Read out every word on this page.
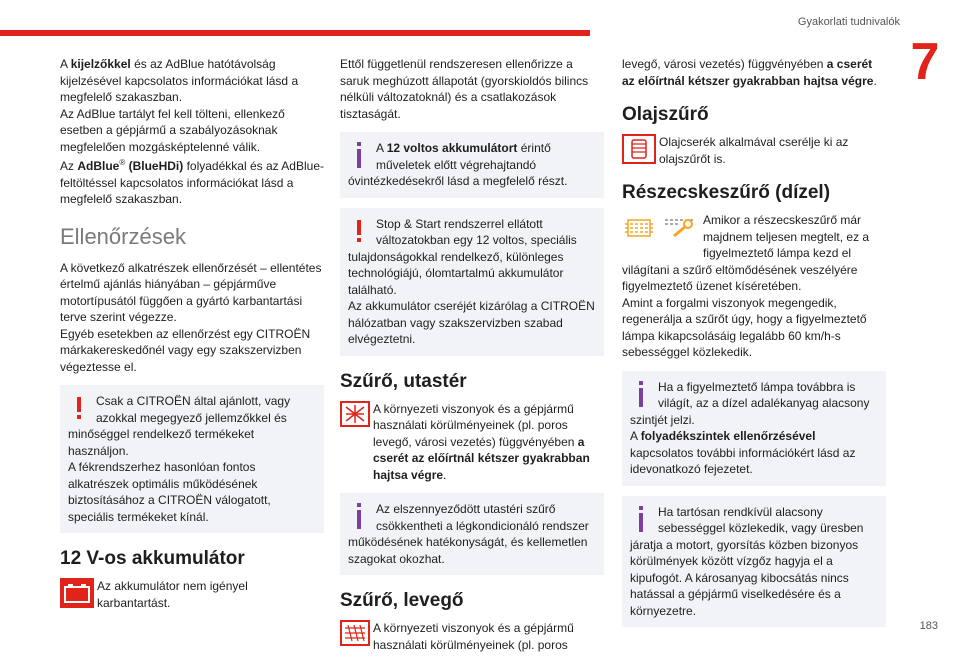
Gyakorlati tudnivalók
7
183

A kijelzőkkel és az AdBlue hatótávolság kijelzésével kapcsolatos információkat lásd a megfelelő szakaszban.

Az AdBlue tartályt fel kell tölteni, ellenkező esetben a gépjármű a szabályozásoknak megfelelően mozgásképtelenné válik.

Az AdBlue® (BlueHDi) folyadékkal és az AdBlue-feltöltéssel kapcsolatos információkat lásd a megfelelő szakaszban.

Ellenőrzések

A következő alkatrészek ellenőrzését – ellentétes értelmű ajánlás hiányában – gépjárműve motortípusától függően a gyártó karbantartási terve szerint végezze.
Egyéb esetekben az ellenőrzést egy CITROËN márkakereskedőnél vagy egy szakszervizben végeztesse el.

Csak a CITROËN által ajánlott, vagy azokkal megegyező jellemzőkkel és minőséggel rendelkező termékeket használjon.
A fékrendszerhez hasonlóan fontos alkatrészek optimális működésének biztosításához a CITROËN válogatott, speciális termékeket kínál.

12 V-os akkumulátor

Az akkumulátor nem igényel karbantartást.

Ettől függetlenül rendszeresen ellenőrizze a saruk meghúzott állapotát (gyorskioldós bilincs nélküli változatoknál) és a csatlakozások tisztaságát.

A 12 voltos akkumulátort érintő műveletek előtt végrehajtandó óvintézkedésekről lásd a megfelelő részt.

Stop & Start rendszerrel ellátott változatokban egy 12 voltos, speciális tulajdonságokkal rendelkező, különleges technológiájú, ólomtartalmú akkumulátor található.
Az akkumulátor cseréjét kizárólag a CITROËN hálózatban vagy szakszervizben szabad elvégeztetni.

Szűrő, utastér

A környezeti viszonyok és a gépjármű használati körülményeinek (pl. poros levegő, városi vezetés) függvényében a cserét az előírtnál kétszer gyakrabban hajtsa végre.

Az elszennyeződött utastéri szűrő csökkentheti a légkondicionáló rendszer működésének hatékonyságát, és kellemetlen szagokat okozhat.

Szűrő, levegő

A környezeti viszonyok és a gépjármű használati körülményeinek (pl. poros

levegő, városi vezetés) függvényében a cserét az előírtnál kétszer gyakrabban hajtsa végre.

Olajszűrő

Olajcserék alkalmával cserélje ki az olajszűrőt is.

Részecskeszűrő (dízel)

Amikor a részecskeszűrő már majdnem teljesen megtelt, ez a figyelmeztető lámpa kezd el világítani a szűrő eltömődésének veszélyére figyelmeztető üzenet kíséretében.
Amint a forgalmi viszonyok megengedik, regenerálja a szűrőt úgy, hogy a figyelmeztető lámpa kikapcsolásáig legalább 60 km/h-s sebességgel közlekedik.

Ha a figyelmeztető lámpa továbbra is világít, az a dízel adalékanyag alacsony szintjét jelzi.
A folyadékszintek ellenőrzésével kapcsolatos további információkért lásd az idevonatkozó fejezetet.

Ha tartósan rendkívül alacsony sebességgel közlekedik, vagy üresben járatja a motort, gyorsítás közben bizonyos körülmények között vízgőz hagyja el a kipufogót. A károsanyag kibocsátás nincs hatással a gépjármű viselkedésére és a környezetre.
